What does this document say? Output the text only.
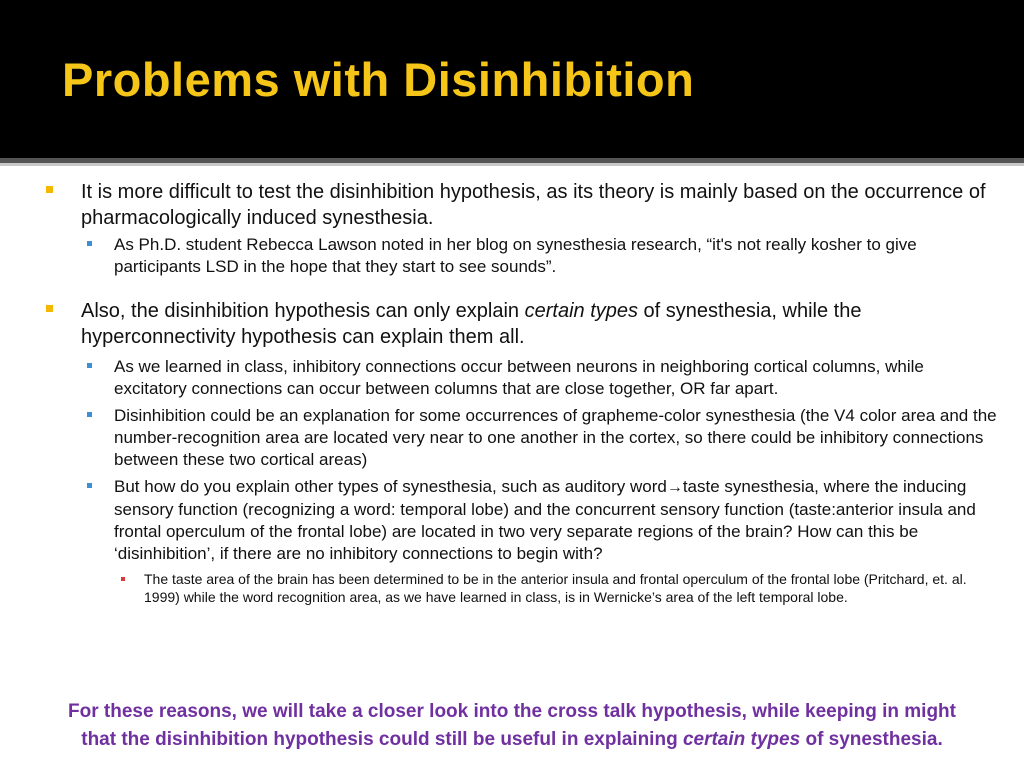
Problems with Disinhibition
It is more difficult to test the disinhibition hypothesis, as its theory is mainly based on the occurrence of pharmacologically induced synesthesia.
As Ph.D. student Rebecca Lawson noted in her blog on synesthesia research, “it's not really kosher to give participants LSD in the hope that they start to see sounds”.
Also, the disinhibition hypothesis can only explain certain types of synesthesia, while the hyperconnectivity hypothesis can explain them all.
As we learned in class, inhibitory connections occur between neurons in neighboring cortical columns, while excitatory connections can occur between columns that are close together, OR far apart.
Disinhibition could be an explanation for some occurrences of grapheme-color synesthesia (the V4 color area and the number-recognition area are located very near to one another in the cortex, so there could be inhibitory connections between these two cortical areas)
But how do you explain other types of synesthesia, such as auditory word→taste synesthesia, where the inducing sensory function (recognizing a word: temporal lobe) and the concurrent sensory function (taste:anterior insula and frontal operculum of the frontal lobe) are located in two very separate regions of the brain? How can this be ‘disinhibition’, if there are no inhibitory connections to begin with?
The taste area of the brain has been determined to be in the anterior insula and frontal operculum of the frontal lobe (Pritchard, et. al. 1999) while the word recognition area, as we have learned in class, is in Wernicke’s area of the left temporal lobe.
For these reasons, we will take a closer look into the cross talk hypothesis, while keeping in might
that the disinhibition hypothesis could still be useful in explaining certain types of synesthesia.
